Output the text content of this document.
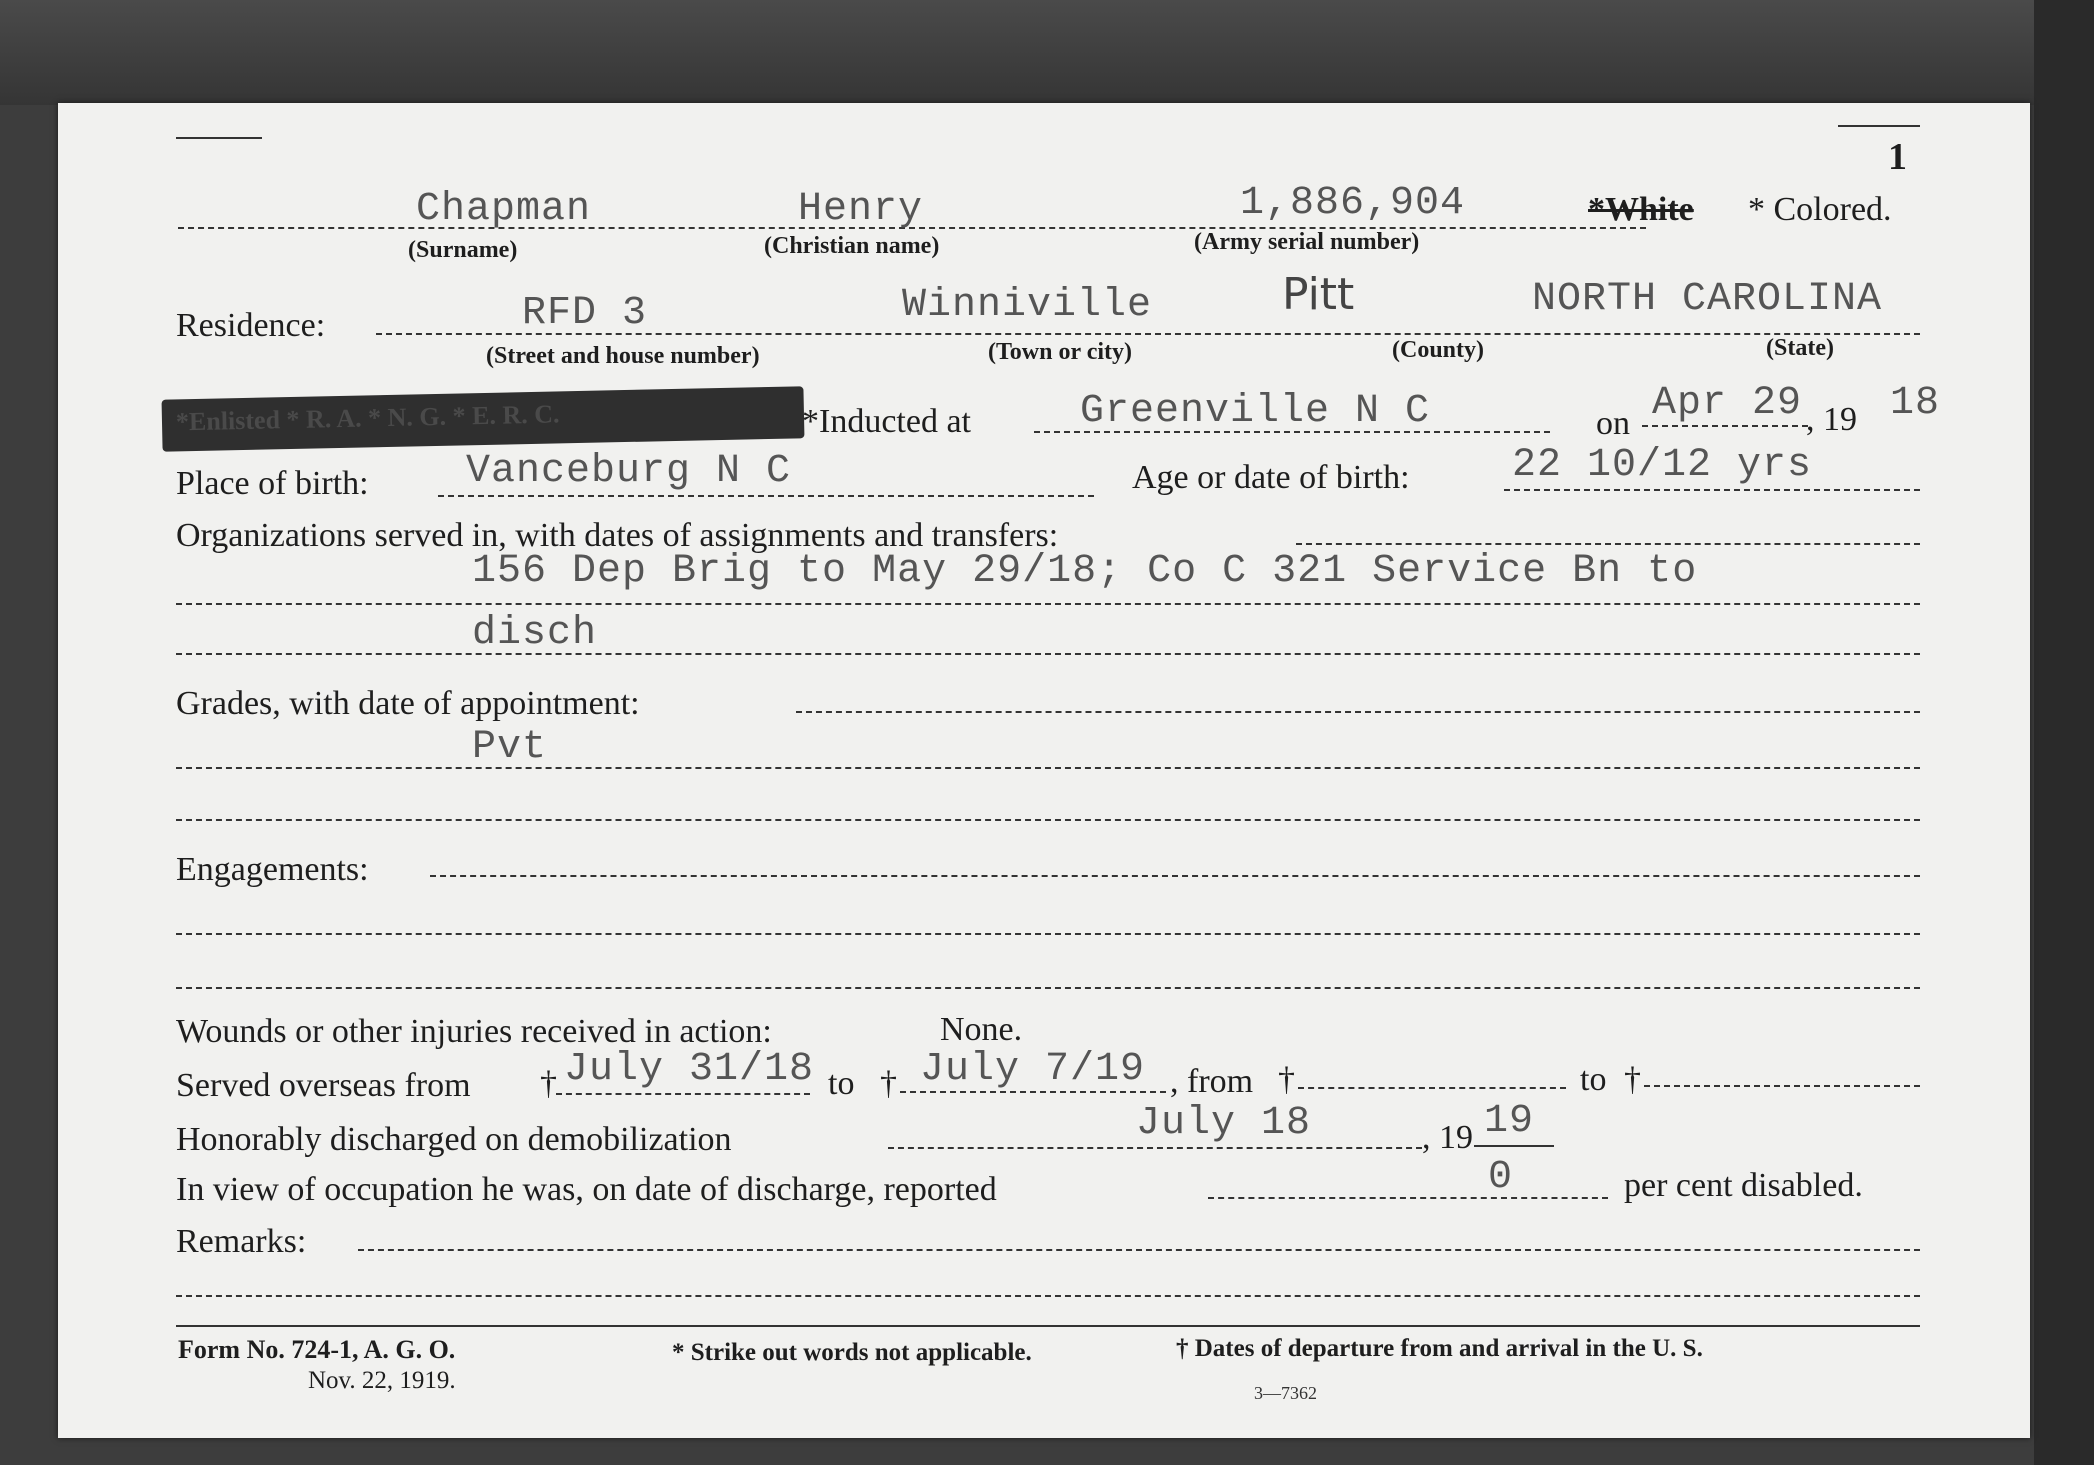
1
Chapman	Henry	1,886,904	*White * Colored.
(Surname)	(Christian name)	(Army serial number)
Residence:	RFD 3	Winniville	Pitt	NORTH CAROLINA
(Street and house number)	(Town or city)	(County)	(State)
*Enlisted * R. A. * N. G. * E. R. C.	*Inducted at	Greenville N C	on Apr 29 , 19 18
Place of birth: Vanceburg N C	Age or date of birth:	22 10/12 yrs
Organizations served in, with dates of assignments and transfers:
156 Dep Brig to May 29/18; Co C 321 Service Bn to
disch
Grades, with date of appointment:
Pvt
Engagements:
Wounds or other injuries received in action:	None.
Served overseas from † July 31/18 to † July 7/19 , from †	to †
Honorably discharged on demobilization	July 18	, 19 19
In view of occupation he was, on date of discharge, reported	0	per cent disabled.
Remarks:
Form No. 724-1, A. G. O.
Nov. 22, 1919.
* Strike out words not applicable.	† Dates of departure from and arrival in the U. S.
3—7362
